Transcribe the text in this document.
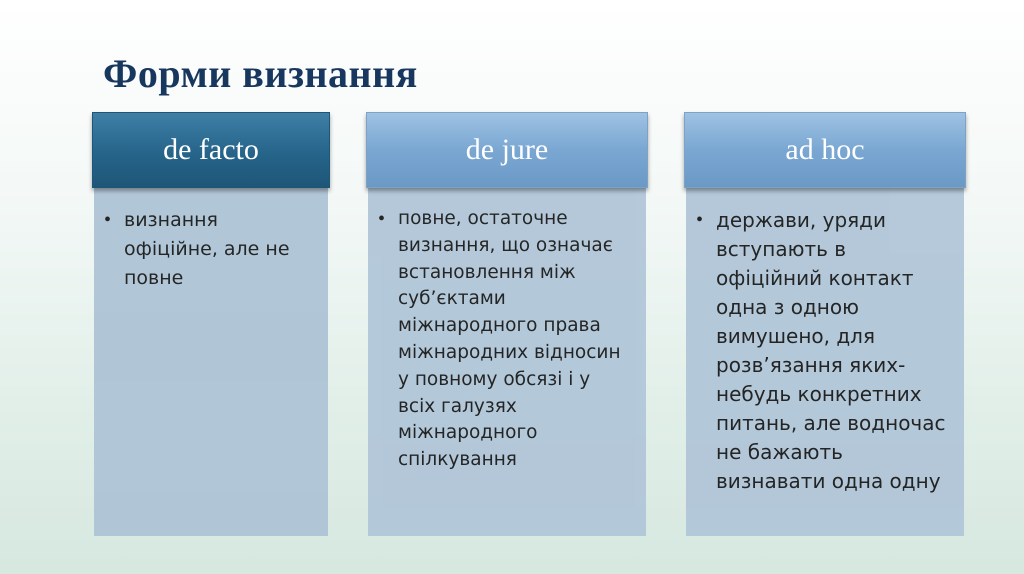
Форми визнання
de facto
• визнання офіційне, але не повне
de jure
• повне, остаточне визнання, що означає встановлення між суб’єктами міжнародного права міжнародних відносин у повному обсязі і у всіх галузях міжнародного спілкування
ad hoc
• держави, уряди вступають в офіційний контакт одна з одною вимушено, для розв’язання яких-небудь конкретних питань, але водночас не бажають визнавати одна одну
